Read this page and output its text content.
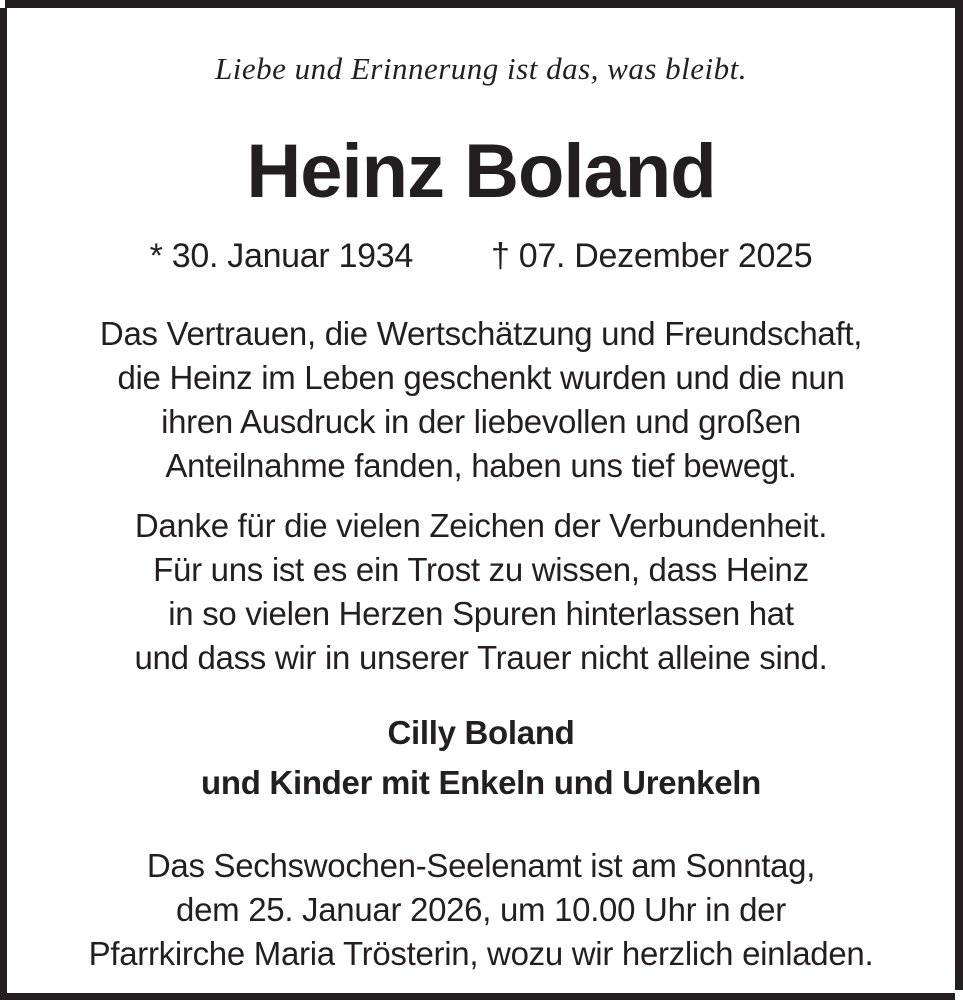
Liebe und Erinnerung ist das, was bleibt.
Heinz Boland
* 30. Januar 1934 † 07. Dezember 2025
Das Vertrauen, die Wertschätzung und Freundschaft,
die Heinz im Leben geschenkt wurden und die nun
ihren Ausdruck in der liebevollen und großen
Anteilnahme fanden, haben uns tief bewegt.
Danke für die vielen Zeichen der Verbundenheit.
Für uns ist es ein Trost zu wissen, dass Heinz
in so vielen Herzen Spuren hinterlassen hat
und dass wir in unserer Trauer nicht alleine sind.
Cilly Boland
und Kinder mit Enkeln und Urenkeln
Das Sechswochen-Seelenamt ist am Sonntag,
dem 25. Januar 2026, um 10.00 Uhr in der
Pfarrkirche Maria Trösterin, wozu wir herzlich einladen.
